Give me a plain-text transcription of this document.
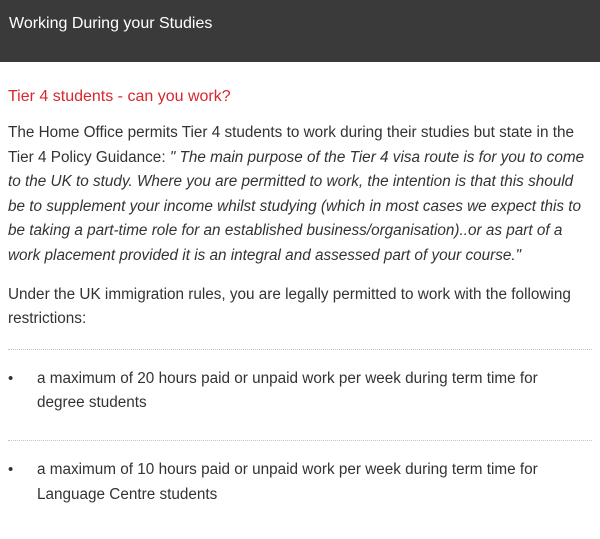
Working During your Studies
Tier 4 students - can you work?

The Home Office permits Tier 4 students to work during their studies but state in the Tier 4 Policy Guidance: " The main purpose of the Tier 4 visa route is for you to come to the UK to study. Where you are permitted to work, the intention is that this should be to supplement your income whilst studying (which in most cases we expect this to be taking a part-time role for an established business/organisation)..or as part of a work placement provided it is an integral and assessed part of your course."

Under the UK immigration rules, you are legally permitted to work with the following restrictions:

•	a maximum of 20 hours paid or unpaid work per week during term time for degree students
•	a maximum of 10 hours paid or unpaid work per week during term time for Language Centre students
